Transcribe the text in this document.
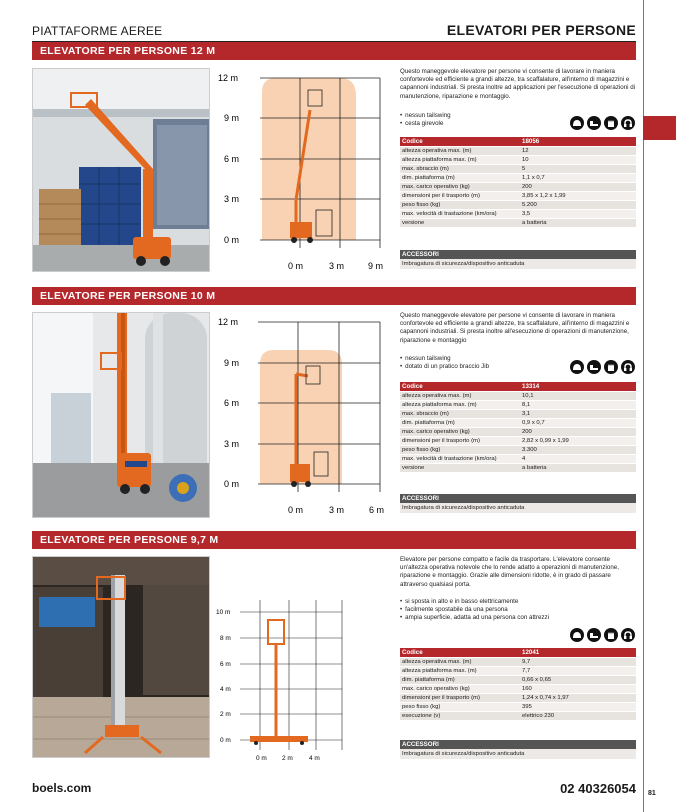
PIATTAFORME AEREE	ELEVATORI PER PERSONE
ELEVATORE PER PERSONE 12 M
12 m
9 m
6 m
3 m
0 m
0 m	3 m	9 m
Questo maneggevole elevatore per persone vi consente di lavorare in maniera confortevole ed efficiente a grandi altezze, tra scaffalature, all'interno di magazzini e capannoni industriali. Si presta inoltre ad applicazioni per l'esecuzione di operazioni di manutenzione, riparazione e montaggio.
• nessun tailswing
• cesta girevole
Codice	18056
altezza operativa max. (m)	12
altezza piattaforma max. (m)	10
max. sbraccio (m)	5
dim. piattaforma (m)	1,1 x 0,7
max. carico operativo (kg)	200
dimensioni per il trasporto (m)	3,85 x 1,2 x 1,99
peso fisso (kg)	5.200
max. velocità di trastazione (km/ora)	3,5
versione	a batteria
ACCESSORI
Imbragatura di sicurezza/dispositivo anticaduta
ELEVATORE PER PERSONE 10 M
12 m
9 m
6 m
3 m
0 m
0 m	3 m	6 m
Questo maneggevole elevatore per persone vi consente di lavorare in maniera confortevole ed efficiente a grandi altezze, tra scaffalature, all'interno di magazzini e capannoni industriali. Si presta inoltre all'esecuzione di operazioni di manutenzione, riparazione e montaggio
• nessun tailswing
• dotato di un pratico braccio Jib
Codice	13314
altezza operativa max. (m)	10,1
altezza piattaforma max. (m)	8,1
max. sbraccio (m)	3,1
dim. piattaforma (m)	0,9 x 0,7
max. carico operativo (kg)	200
dimensioni per il trasporto (m)	2,82 x 0,99 x 1,99
peso fisso (kg)	3.300
max. velocità di trastazione (km/ora)	4
versione	a batteria
ACCESSORI
Imbragatura di sicurezza/dispositivo anticaduta
ELEVATORE PER PERSONE 9,7 M
10 m
8 m
6 m
4 m
2 m
0 m
0 m 2 m 4 m
Elevatore per persone compatto e facile da trasportare. L'elevatore consente un'altezza operativa notevole che lo rende adatto a operazioni di manutenzione, riparazione e montaggio. Grazie alle dimensioni ridotte, è in grado di passare attraverso qualsiasi porta.
• si sposta in alto e in basso elettricamente
• facilmente spostabile da una persona
• ampia superficie, adatta ad una persona con attrezzi
Codice	12041
altezza operativa max. (m)	9,7
altezza piattaforma max. (m)	7,7
dim. piattaforma (m)	0,66 x 0,65
max. carico operativo (kg)	160
dimensioni per il trasporto (m)	1,24 x 0,74 x 1,97
peso fisso (kg)	395
esecuzione (v)	elettrico 230
ACCESSORI
Imbragatura di sicurezza/dispositivo anticaduta
boels.com	02 40326054 81
